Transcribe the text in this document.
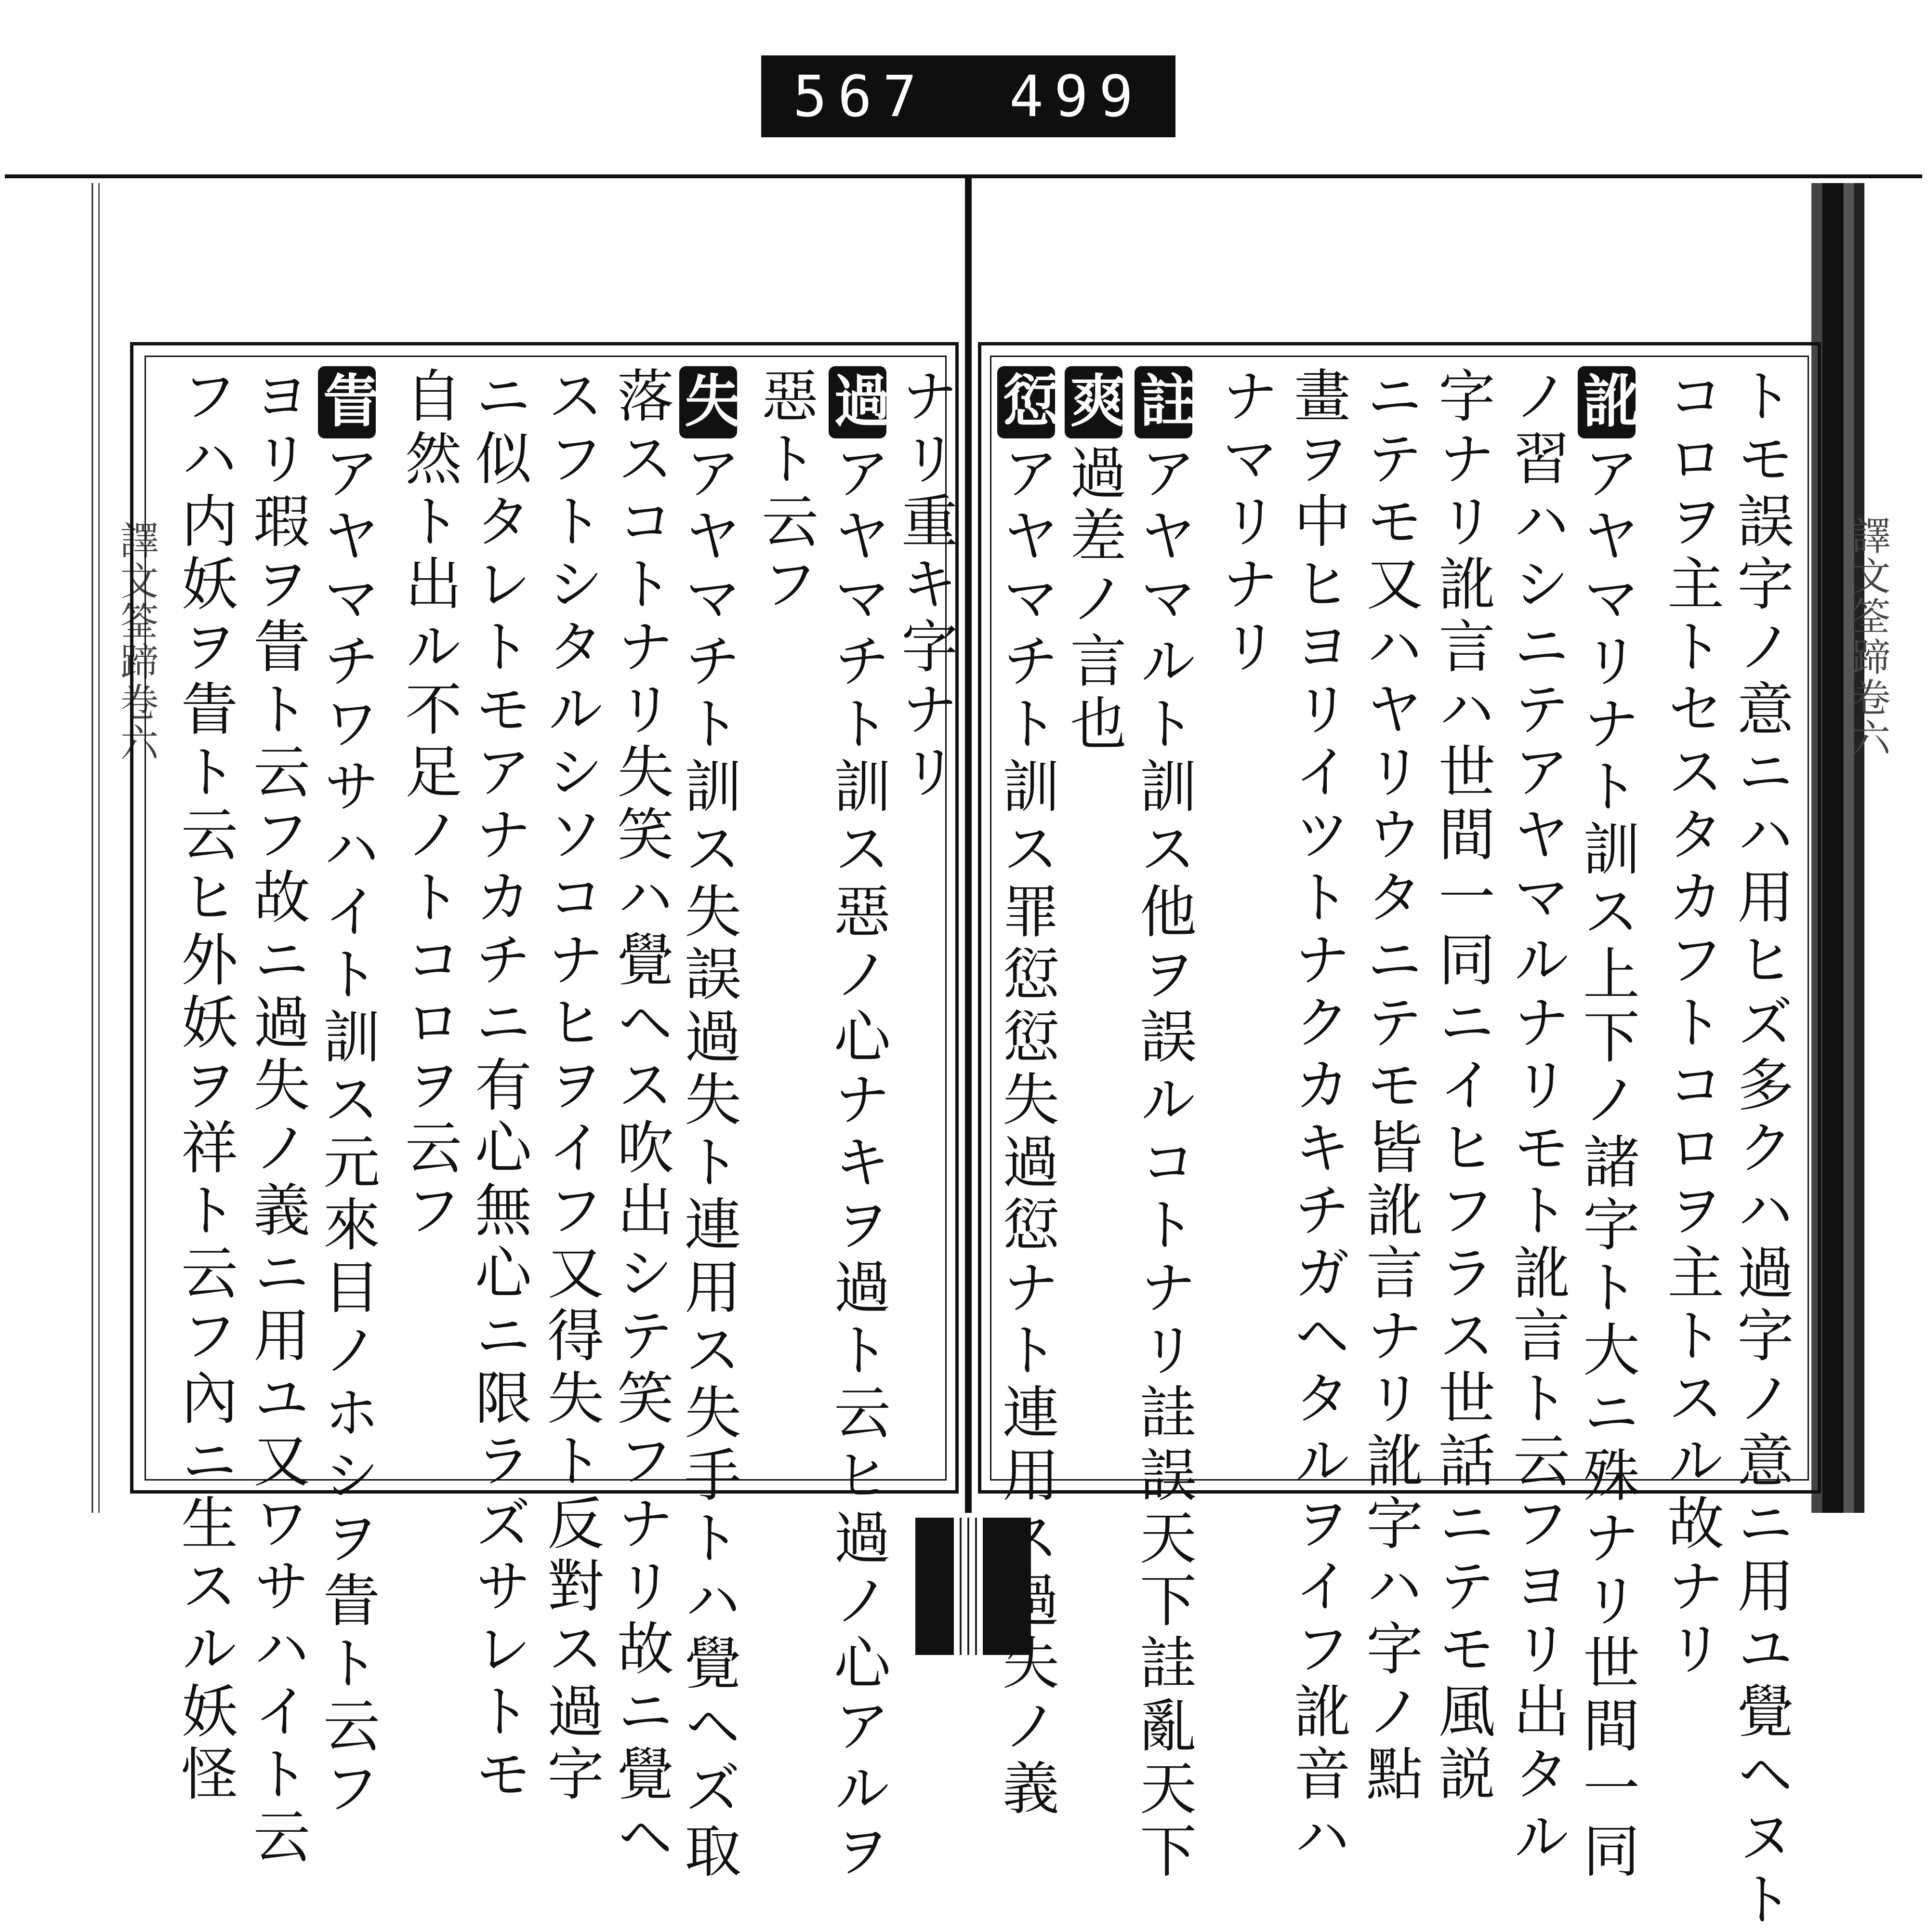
567 499
譯文筌蹄卷六	譯文筌蹄卷六
トモ誤字ノ意ニハ用ヒズ多クハ過字ノ意ニ用ユ覺ヘヌト
コロヲ主トセスタカフトコロヲ主トスル故ナリ
訛アヤマリナト訓ス上下ノ諸字ト大ニ殊ナリ世間一同
ノ習ハシニテアヤマルナリモト訛言ト云フヨリ出タル
字ナリ訛言ハ世間一同ニイヒフラス世話ニテモ風説
ニテモ又ハヤリウタニテモ皆訛言ナリ訛字ハ字ノ點
畫ヲ中ヒヨリイツトナクカキチガヘタルヲイフ訛音ハ
ナマリナリ
註アヤマルト訓ス他ヲ誤ルコトナリ詿誤天下詿亂天下
爽過差ノ言也
愆アヤマチト訓ス罪愆愆失過愆ナト連用ス過失ノ義
ナリ重キ字ナリ
過アヤマチト訓ス惡ノ心ナキヲ過ト云ヒ過ノ心アルヲ
惡ト云フ
失アヤマチト訓ス失誤過失ト連用ス失手トハ覺ヘズ取
落スコトナリ失笑ハ覺ヘス吹出シテ笑フナリ故ニ覺ヘ
スフトシタルシソコナヒヲイフ又得失ト反對ス過字
ニ似タレトモアナカチニ有心無心ニ限ラズサレトモ
自然ト出ル不足ノトコロヲ云フ
眚アヤマチワサハイト訓ス元來目ノホシヲ眚ト云フ
ヨリ瑕ヲ眚ト云フ故ニ過失ノ義ニ用ユ又ワサハイト云
フハ内妖ヲ眚ト云ヒ外妖ヲ祥ト云フ內ニ生スル妖怪
